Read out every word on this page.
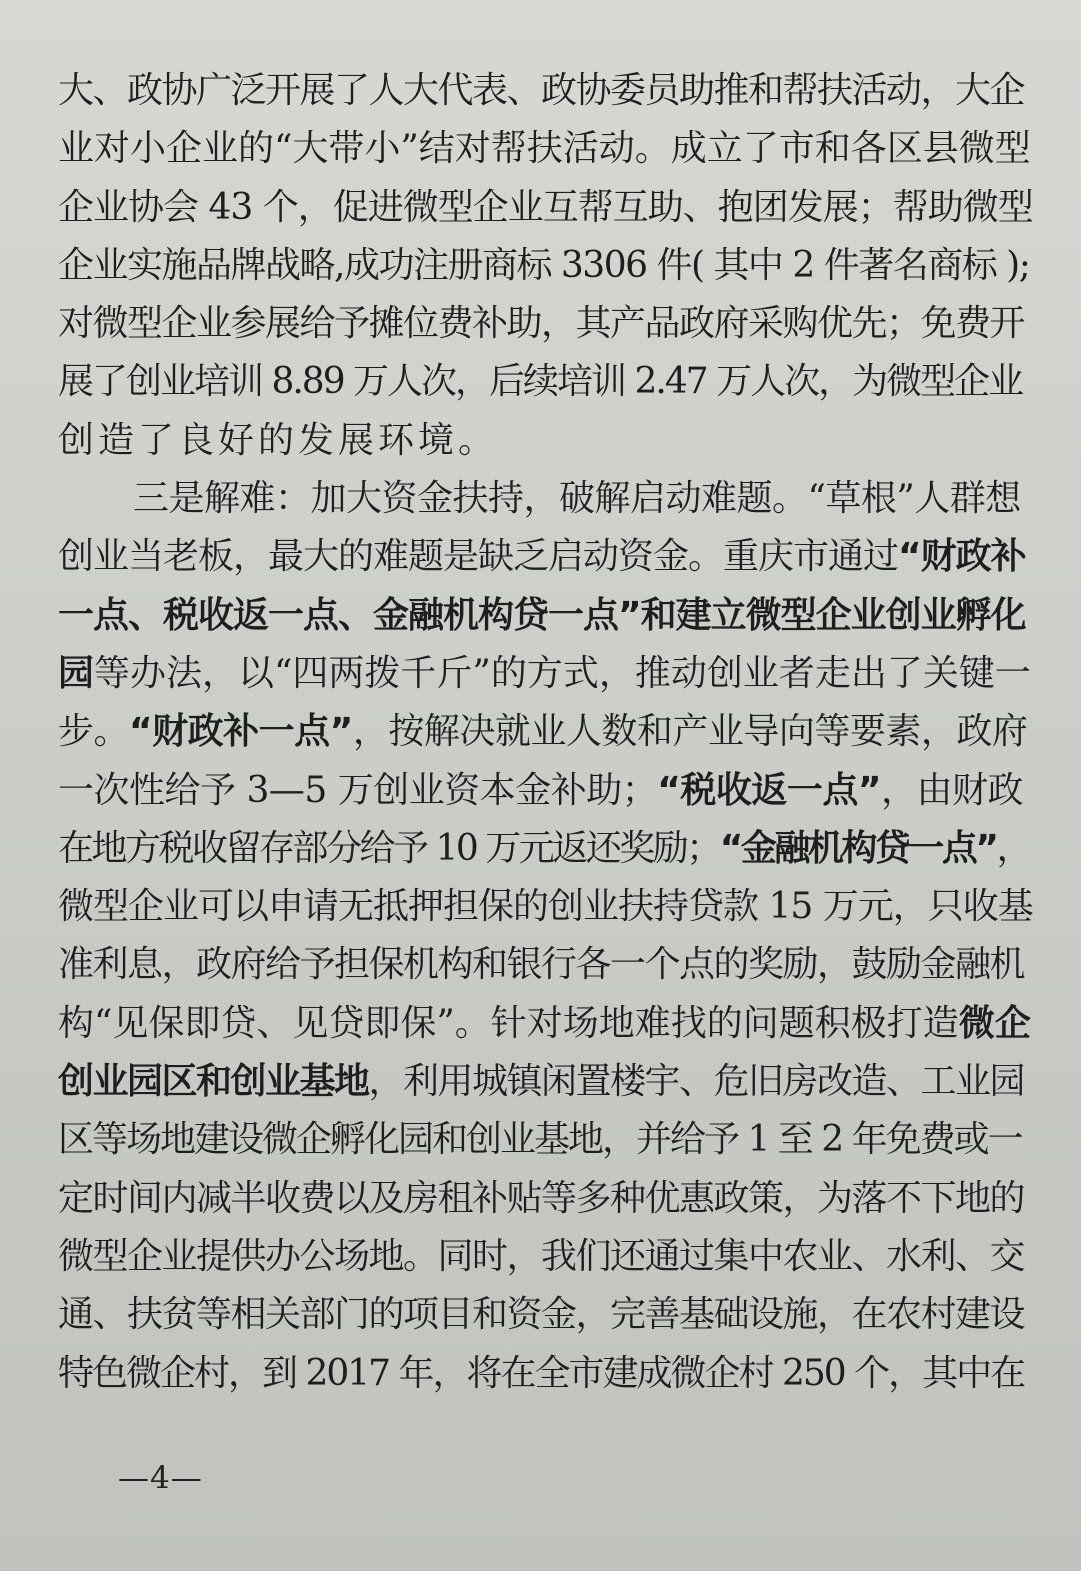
大、政协广泛开展了人大代表、政协委员助推和帮扶活动，大企
业对小企业的“大带小”结对帮扶活动。成立了市和各区县微型
企业协会 43 个，促进微型企业互帮互助、抱团发展；帮助微型
企业实施品牌战略,成功注册商标 3306 件( 其中 2 件著名商标 );
对微型企业参展给予摊位费补助，其产品政府采购优先；免费开
展了创业培训 8.89 万人次，后续培训 2.47 万人次，为微型企业
创造了良好的发展环境。
三是解难：加大资金扶持，破解启动难题。“草根”人群想
创业当老板，最大的难题是缺乏启动资金。重庆市通过“财政补
一点、税收返一点、金融机构贷一点”和建立微型企业创业孵化
园等办法，以“四两拨千斤”的方式，推动创业者走出了关键一
步。“财政补一点”，按解决就业人数和产业导向等要素，政府
一次性给予 3—5 万创业资本金补助；“税收返一点”，由财政
在地方税收留存部分给予 10 万元返还奖励；“金融机构贷一点”，
微型企业可以申请无抵押担保的创业扶持贷款 15 万元，只收基
准利息，政府给予担保机构和银行各一个点的奖励，鼓励金融机
构“见保即贷、见贷即保”。针对场地难找的问题积极打造微企
创业园区和创业基地，利用城镇闲置楼宇、危旧房改造、工业园
区等场地建设微企孵化园和创业基地，并给予 1 至 2 年免费或一
定时间内减半收费以及房租补贴等多种优惠政策，为落不下地的
微型企业提供办公场地。同时，我们还通过集中农业、水利、交
通、扶贫等相关部门的项目和资金，完善基础设施，在农村建设
特色微企村，到 2017 年，将在全市建成微企村 250 个，其中在
—4—
